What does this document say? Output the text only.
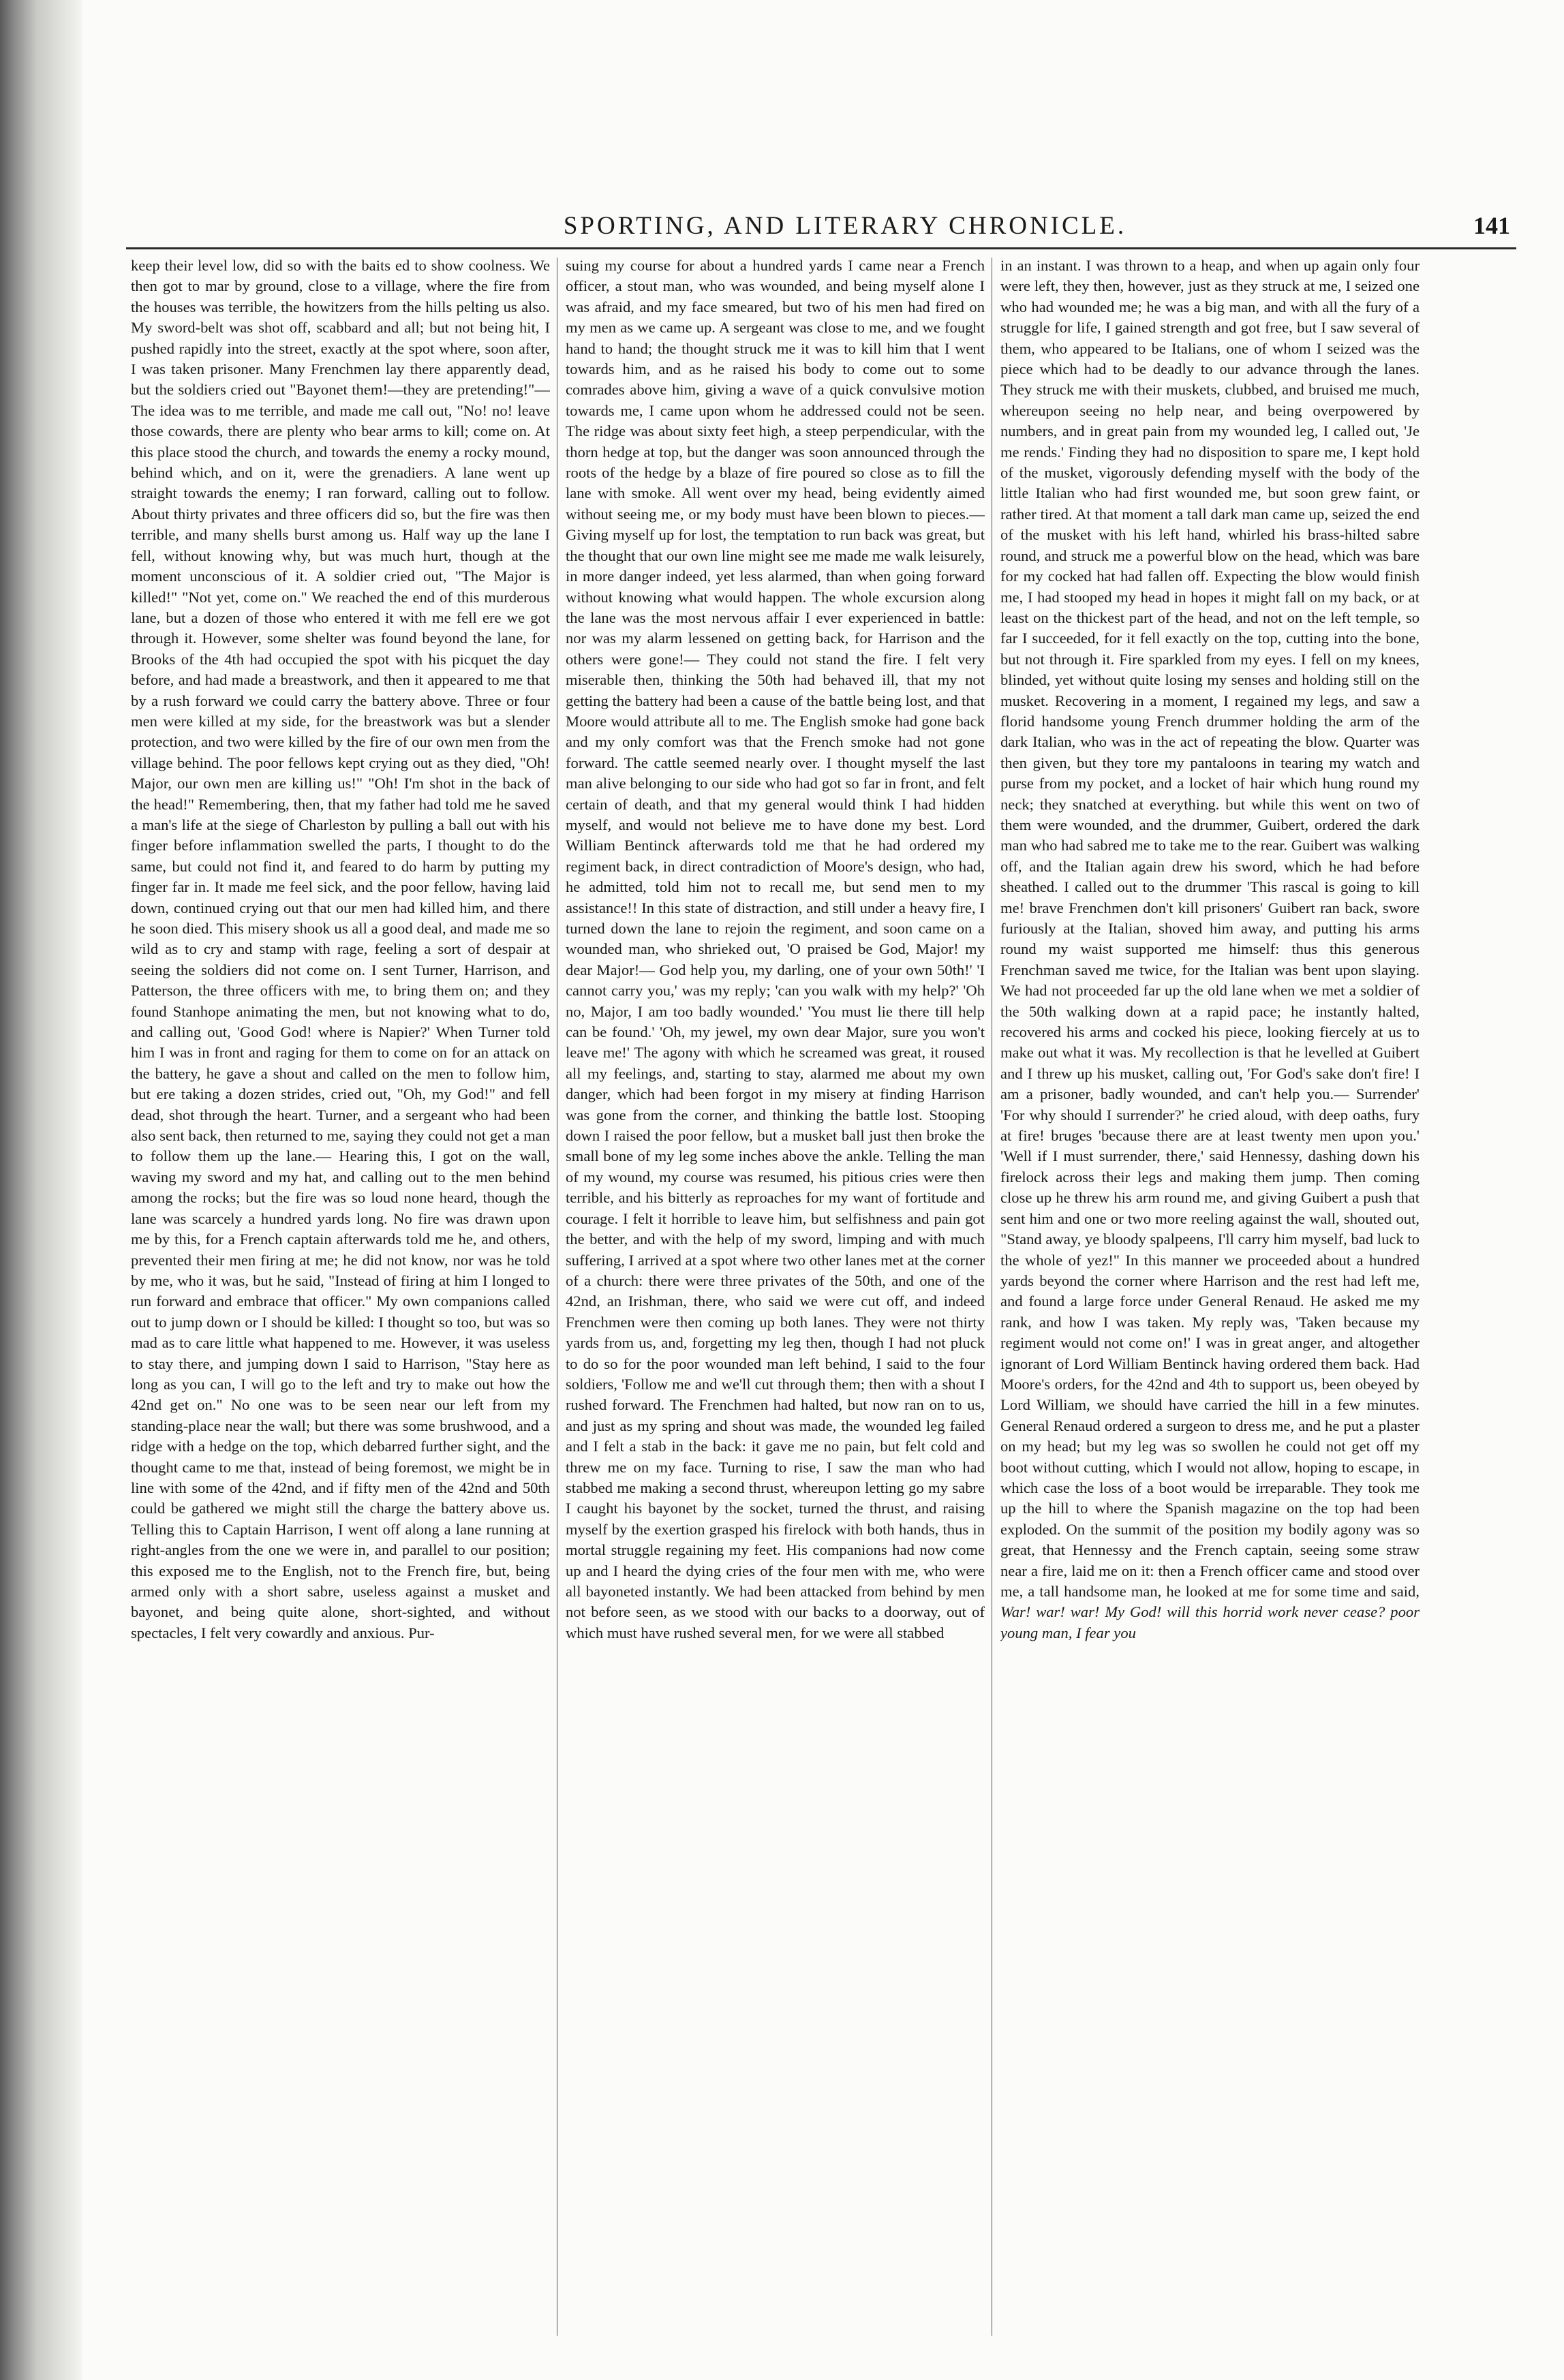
SPORTING, AND LITERARY CHRONICLE.	141

keep their level low, did so with the baits ed to show coolness. We then got to mar by ground, close to a village, where the fire from the houses was terrible, the howitzers from the hills pelting us also. My sword-belt was shot off, scabbard and all; but not being hit, I pushed rapidly into the street, exactly at the spot where, soon after, I was taken prisoner. Many Frenchmen lay there apparently dead, but the soldiers cried out "Bayonet them!—they are pretending!"— The idea was to me terrible, and made me call out, "No! no! leave those cowards, there are plenty who bear arms to kill; come on. At this place stood the church, and towards the enemy a rocky mound, behind which, and on it, were the grenadiers. A lane went up straight towards the enemy; I ran forward, calling out to follow. About thirty privates and three officers did so, but the fire was then terrible, and many shells burst among us. Half way up the lane I fell, without knowing why, but was much hurt, though at the moment unconscious of it. A soldier cried out, "The Major is killed!" "Not yet, come on." We reached the end of this murderous lane, but a dozen of those who entered it with me fell ere we got through it. However, some shelter was found beyond the lane, for Brooks of the 4th had occupied the spot with his picquet the day before, and had made a breastwork, and then it appeared to me that by a rush forward we could carry the battery above. Three or four men were killed at my side, for the breastwork was but a slender protection, and two were killed by the fire of our own men from the village behind. The poor fellows kept crying out as they died, "Oh! Major, our own men are killing us!" "Oh! I'm shot in the back of the head!" Remembering, then, that my father had told me he saved a man's life at the siege of Charleston by pulling a ball out with his finger before inflammation swelled the parts, I thought to do the same, but could not find it, and feared to do harm by putting my finger far in. It made me feel sick, and the poor fellow, having laid down, continued crying out that our men had killed him, and there he soon died. This misery shook us all a good deal, and made me so wild as to cry and stamp with rage, feeling a sort of despair at seeing the soldiers did not come on. I sent Turner, Harrison, and Patterson, the three officers with me, to bring them on; and they found Stanhope animating the men, but not knowing what to do, and calling out, 'Good God! where is Napier?' When Turner told him I was in front and raging for them to come on for an attack on the battery, he gave a shout and called on the men to follow him, but ere taking a dozen strides, cried out, "Oh, my God!" and fell dead, shot through the heart. Turner, and a sergeant who had been also sent back, then returned to me, saying they could not get a man to follow them up the lane.— Hearing this, I got on the wall, waving my sword and my hat, and calling out to the men behind among the rocks; but the fire was so loud none heard, though the lane was scarcely a hundred yards long. No fire was drawn upon me by this, for a French captain afterwards told me he, and others, prevented their men firing at me; he did not know, nor was he told by me, who it was, but he said, "Instead of firing at him I longed to run forward and embrace that officer." My own companions called out to jump down or I should be killed: I thought so too, but was so mad as to care little what happened to me. However, it was useless to stay there, and jumping down I said to Harrison, "Stay here as long as you can, I will go to the left and try to make out how the 42nd get on." No one was to be seen near our left from my standing-place near the wall; but there was some brushwood, and a ridge with a hedge on the top, which debarred further sight, and the thought came to me that, instead of being foremost, we might be in line with some of the 42nd, and if fifty men of the 42nd and 50th could be gathered we might still the charge the battery above us. Telling this to Captain Harrison, I went off along a lane running at right-angles from the one we were in, and parallel to our position; this exposed me to the English, not to the French fire, but, being armed only with a short sabre, useless against a musket and bayonet, and being quite alone, short-sighted, and without spectacles, I felt very cowardly and anxious. Pur-

suing my course for about a hundred yards I came near a French officer, a stout man, who was wounded, and being myself alone I was afraid, and my face smeared, but two of his men had fired on my men as we came up. A sergeant was close to me, and we fought hand to hand; the thought struck me it was to kill him that I went towards him, and as he raised his body to come out to some comrades above him, giving a wave of a quick convulsive motion towards me, I came upon whom he addressed could not be seen. The ridge was about sixty feet high, a steep perpendicular, with the thorn hedge at top, but the danger was soon announced through the roots of the hedge by a blaze of fire poured so close as to fill the lane with smoke. All went over my head, being evidently aimed without seeing me, or my body must have been blown to pieces.— Giving myself up for lost, the temptation to run back was great, but the thought that our own line might see me made me walk leisurely, in more danger indeed, yet less alarmed, than when going forward without knowing what would happen. The whole excursion along the lane was the most nervous affair I ever experienced in battle: nor was my alarm lessened on getting back, for Harrison and the others were gone!— They could not stand the fire. I felt very miserable then, thinking the 50th had behaved ill, that my not getting the battery had been a cause of the battle being lost, and that Moore would attribute all to me. The English smoke had gone back and my only comfort was that the French smoke had not gone forward. The cattle seemed nearly over. I thought myself the last man alive belonging to our side who had got so far in front, and felt certain of death, and that my general would think I had hidden myself, and would not believe me to have done my best. Lord William Bentinck afterwards told me that he had ordered my regiment back, in direct contradiction of Moore's design, who had, he admitted, told him not to recall me, but send men to my assistance!! In this state of distraction, and still under a heavy fire, I turned down the lane to rejoin the regiment, and soon came on a wounded man, who shrieked out, 'O praised be God, Major! my dear Major!— God help you, my darling, one of your own 50th!' 'I cannot carry you,' was my reply; 'can you walk with my help?' 'Oh no, Major, I am too badly wounded.' 'You must lie there till help can be found.' 'Oh, my jewel, my own dear Major, sure you won't leave me!' The agony with which he screamed was great, it roused all my feelings, and, starting to stay, alarmed me about my own danger, which had been forgot in my misery at finding Harrison was gone from the corner, and thinking the battle lost. Stooping down I raised the poor fellow, but a musket ball just then broke the small bone of my leg some inches above the ankle. Telling the man of my wound, my course was resumed, his pitious cries were then terrible, and his bitterly as reproaches for my want of fortitude and courage. I felt it horrible to leave him, but selfishness and pain got the better, and with the help of my sword, limping and with much suffering, I arrived at a spot where two other lanes met at the corner of a church: there were three privates of the 50th, and one of the 42nd, an Irishman, there, who said we were cut off, and indeed Frenchmen were then coming up both lanes. They were not thirty yards from us, and, forgetting my leg then, though I had not pluck to do so for the poor wounded man left behind, I said to the four soldiers, 'Follow me and we'll cut through them; then with a shout I rushed forward. The Frenchmen had halted, but now ran on to us, and just as my spring and shout was made, the wounded leg failed and I felt a stab in the back: it gave me no pain, but felt cold and threw me on my face. Turning to rise, I saw the man who had stabbed me making a second thrust, whereupon letting go my sabre I caught his bayonet by the socket, turned the thrust, and raising myself by the exertion grasped his firelock with both hands, thus in mortal struggle regaining my feet. His companions had now come up and I heard the dying cries of the four men with me, who were all bayoneted instantly. We had been attacked from behind by men not before seen, as we stood with our backs to a doorway, out of which must have rushed several men, for we were all stabbed

in an instant. I was thrown to a heap, and when up again only four were left, they then, however, just as they struck at me, I seized one who had wounded me; he was a big man, and with all the fury of a struggle for life, I gained strength and got free, but I saw several of them, who appeared to be Italians, one of whom I seized was the piece which had to be deadly to our advance through the lanes. They struck me with their muskets, clubbed, and bruised me much, whereupon seeing no help near, and being overpowered by numbers, and in great pain from my wounded leg, I called out, 'Je me rends.' Finding they had no disposition to spare me, I kept hold of the musket, vigorously defending myself with the body of the little Italian who had first wounded me, but soon grew faint, or rather tired. At that moment a tall dark man came up, seized the end of the musket with his left hand, whirled his brass-hilted sabre round, and struck me a powerful blow on the head, which was bare for my cocked hat had fallen off. Expecting the blow would finish me, I had stooped my head in hopes it might fall on my back, or at least on the thickest part of the head, and not on the left temple, so far I succeeded, for it fell exactly on the top, cutting into the bone, but not through it. Fire sparkled from my eyes. I fell on my knees, blinded, yet without quite losing my senses and holding still on the musket. Recovering in a moment, I regained my legs, and saw a florid handsome young French drummer holding the arm of the dark Italian, who was in the act of repeating the blow. Quarter was then given, but they tore my pantaloons in tearing my watch and purse from my pocket, and a locket of hair which hung round my neck; they snatched at everything. but while this went on two of them were wounded, and the drummer, Guibert, ordered the dark man who had sabred me to take me to the rear. Guibert was walking off, and the Italian again drew his sword, which he had before sheathed. I called out to the drummer 'This rascal is going to kill me! brave Frenchmen don't kill prisoners' Guibert ran back, swore furiously at the Italian, shoved him away, and putting his arms round my waist supported me himself: thus this generous Frenchman saved me twice, for the Italian was bent upon slaying. We had not proceeded far up the old lane when we met a soldier of the 50th walking down at a rapid pace; he instantly halted, recovered his arms and cocked his piece, looking fiercely at us to make out what it was. My recollection is that he levelled at Guibert and I threw up his musket, calling out, 'For God's sake don't fire! I am a prisoner, badly wounded, and can't help you.— Surrender' 'For why should I surrender?' he cried aloud, with deep oaths, fury at fire! bruges 'because there are at least twenty men upon you.' 'Well if I must surrender, there,' said Hennessy, dashing down his firelock across their legs and making them jump. Then coming close up he threw his arm round me, and giving Guibert a push that sent him and one or two more reeling against the wall, shouted out, "Stand away, ye bloody spalpeens, I'll carry him myself, bad luck to the whole of yez!" In this manner we proceeded about a hundred yards beyond the corner where Harrison and the rest had left me, and found a large force under General Renaud. He asked me my rank, and how I was taken. My reply was, 'Taken because my regiment would not come on!' I was in great anger, and altogether ignorant of Lord William Bentinck having ordered them back. Had Moore's orders, for the 42nd and 4th to support us, been obeyed by Lord William, we should have carried the hill in a few minutes. General Renaud ordered a surgeon to dress me, and he put a plaster on my head; but my leg was so swollen he could not get off my boot without cutting, which I would not allow, hoping to escape, in which case the loss of a boot would be irreparable. They took me up the hill to where the Spanish magazine on the top had been exploded. On the summit of the position my bodily agony was so great, that Hennessy and the French captain, seeing some straw near a fire, laid me on it: then a French officer came and stood over me, a tall handsome man, he looked at me for some time and said, War! war! war! My God! will this horrid work never cease? poor young man, I fear you
